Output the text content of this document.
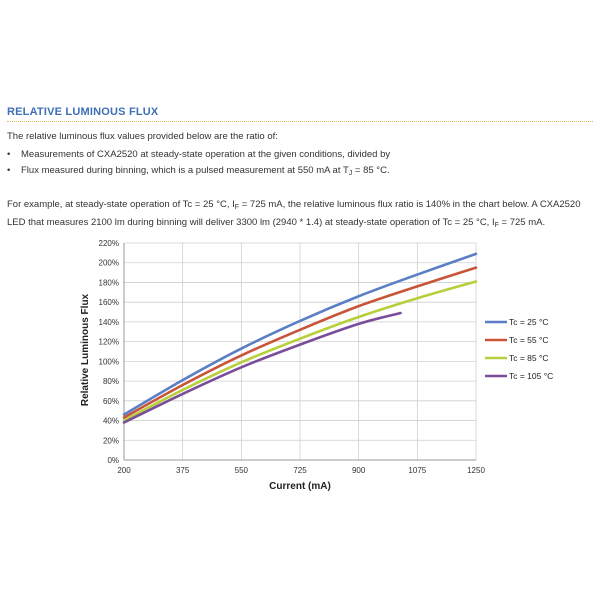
RELATIVE LUMINOUS FLUX
The relative luminous flux values provided below are the ratio of:
• Measurements of CXA2520 at steady-state operation at the given conditions, divided by
• Flux measured during binning, which is a pulsed measurement at 550 mA at $T_J = 85$ °C.
For example, at steady-state operation of Tc = 25 °C, $I_F = 725$ mA, the relative luminous flux ratio is 140% in the chart below. A CXA2520 LED that measures 2100 lm during binning will deliver 3300 lm (2940 * 1.4) at steady-state operation of Tc = 25 °C, $I_F = 725$ mA.
0%
20%
40%
60%
80%
100%
120%
140%
160%
180%
200%
220%
200	375	550	725	900	1075	1250
Tc = 25 °C
Tc = 55 °C
Tc = 85 °C
Tc = 105 °C
Current (mA)
Relative Luminous Flux
